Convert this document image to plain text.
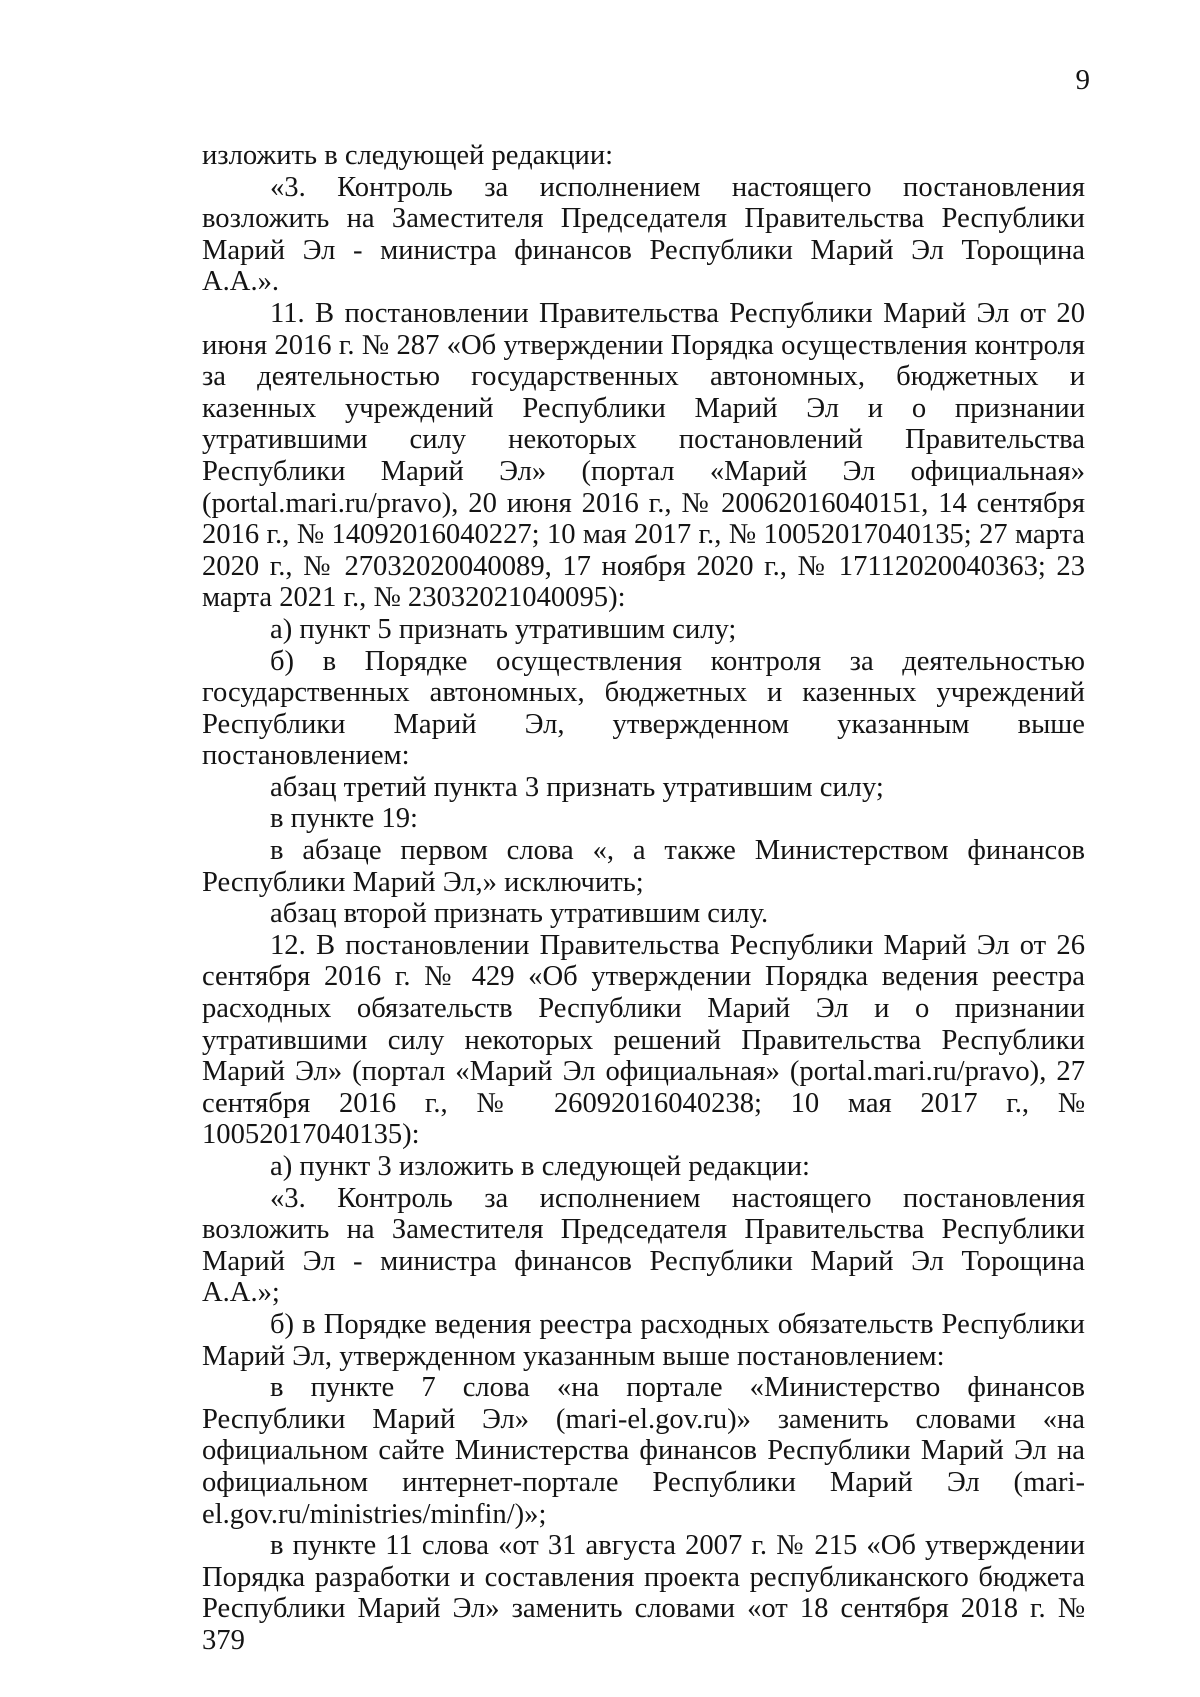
9

изложить в следующей редакции:

«3. Контроль за исполнением настоящего постановления возложить на Заместителя Председателя Правительства Республики Марий Эл - министра финансов Республики Марий Эл Торощина А.А.».

11. В постановлении Правительства Республики Марий Эл от 20 июня 2016 г. № 287 «Об утверждении Порядка осуществления контроля за деятельностью государственных автономных, бюджетных и казенных учреждений Республики Марий Эл и о признании утратившими силу некоторых постановлений Правительства Республики Марий Эл» (портал «Марий Эл официальная» (portal.mari.ru/pravo), 20 июня 2016 г., № 20062016040151, 14 сентября 2016 г., № 14092016040227; 10 мая 2017 г., № 10052017040135; 27 марта 2020 г., № 27032020040089, 17 ноября 2020 г., № 17112020040363; 23 марта 2021 г., № 23032021040095):

а) пункт 5 признать утратившим силу;

б) в Порядке осуществления контроля за деятельностью государственных автономных, бюджетных и казенных учреждений Республики Марий Эл, утвержденном указанным выше постановлением:

абзац третий пункта 3 признать утратившим силу;

в пункте 19:

в абзаце первом слова «, а также Министерством финансов Республики Марий Эл,» исключить;

абзац второй признать утратившим силу.

12. В постановлении Правительства Республики Марий Эл от 26 сентября 2016 г. № 429 «Об утверждении Порядка ведения реестра расходных обязательств Республики Марий Эл и о признании утратившими силу некоторых решений Правительства Республики Марий Эл» (портал «Марий Эл официальная» (portal.mari.ru/pravo), 27 сентября 2016 г., № 26092016040238; 10 мая 2017 г., № 10052017040135):

а) пункт 3 изложить в следующей редакции:

«3. Контроль за исполнением настоящего постановления возложить на Заместителя Председателя Правительства Республики Марий Эл - министра финансов Республики Марий Эл Торощина А.А.»;

б) в Порядке ведения реестра расходных обязательств Республики Марий Эл, утвержденном указанным выше постановлением:

в пункте 7 слова «на портале «Министерство финансов Республики Марий Эл» (mari-el.gov.ru)» заменить словами «на официальном сайте Министерства финансов Республики Марий Эл на официальном интернет-портале Республики Марий Эл (mari-el.gov.ru/ministries/minfin/)»;

в пункте 11 слова «от 31 августа 2007 г. № 215 «Об утверждении Порядка разработки и составления проекта республиканского бюджета Республики Марий Эл» заменить словами «от 18 сентября 2018 г. № 379
